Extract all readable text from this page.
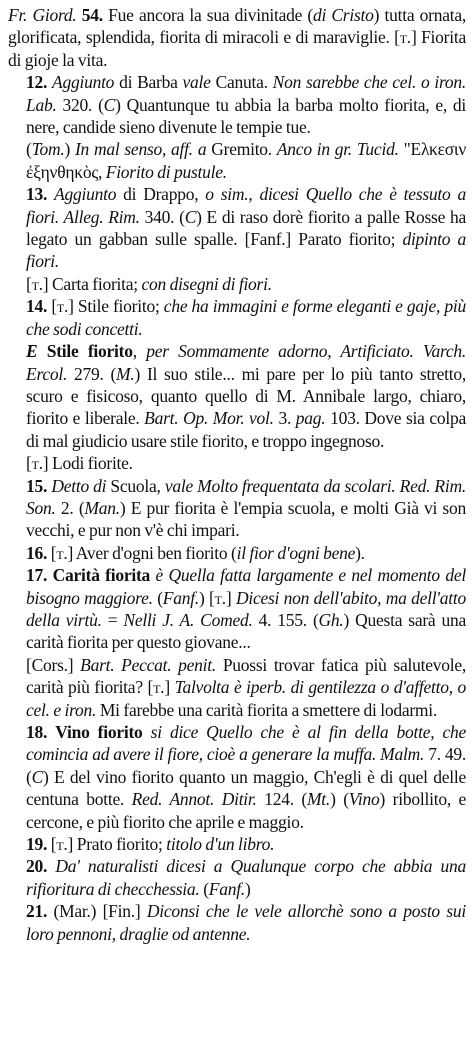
Fr. Giord. 54. Fue ancora la sua divinitade (di Cristo) tutta ornata, glorificata, splendida, fiorita di miracoli e di maraviglie. [t.] Fiorita di gioje la vita.

12. Aggiunto di Barba vale Canuta. Non sarebbe che cel. o iron. Lab. 320. (C) Quantunque tu abbia la barba molto fiorita, e, di nere, candide sieno divenute le tempie tue.

(Tom.) In mal senso, aff. a Gremito. Anco in gr. Tucid. "Ελκεσιν ἐξηνθηκὸς, Fiorito di pustule.

13. Aggiunto di Drappo, o sim., dicesi Quello che è tessuto a fiori. Alleg. Rim. 340. (C) E di raso dorè fiorito a palle Rosse ha legato un gabban sulle spalle. [Fanf.] Parato fiorito; dipinto a fiori.

[t.] Carta fiorita; con disegni di fiori.

14. [t.] Stile fiorito; che ha immagini e forme eleganti e gaje, più che sodi concetti.

E Stile fiorito, per Sommamente adorno, Artificiato. Varch. Ercol. 279. (M.) Il suo stile... mi pare per lo più tanto stretto, scuro e fisicoso, quanto quello di M. Annibale largo, chiaro, fiorito e liberale. Bart. Op. Mor. vol. 3. pag. 103. Dove sia colpa di mal giudicio usare stile fiorito, e troppo ingegnoso.

[t.] Lodi fiorite.

15. Detto di Scuola, vale Molto frequentata da scolari. Red. Rim. Son. 2. (Man.) E pur fiorita è l'empia scuola, e molti Già vi son vecchi, e pur non v'è chi impari.

16. [t.] Aver d'ogni ben fiorito (il fior d'ogni bene).

17. Carità fiorita è Quella fatta largamente e nel momento del bisogno maggiore. (Fanf.) [t.] Dicesi non dell'abito, ma dell'atto della virtù. = Nelli J. A. Comed. 4. 155. (Gh.) Questa sarà una carità fiorita per questo giovane...

[Cors.] Bart. Peccat. penit. Puossi trovar fatica più salutevole, carità più fiorita? [t.] Talvolta è iperb. di gentilezza o d'affetto, o cel. e iron. Mi farebbe una carità fiorita a smettere di lodarmi.

18. Vino fiorito si dice Quello che è al fin della botte, che comincia ad avere il fiore, cioè a generare la muffa. Malm. 7. 49. (C) E del vino fiorito quanto un maggio, Ch'egli è di quel delle centuna botte. Red. Annot. Ditir. 124. (Mt.) (Vino) ribollito, e cercone, e più fiorito che aprile e maggio.

19. [t.] Prato fiorito; titolo d'un libro.

20. Da' naturalisti dicesi a Qualunque corpo che abbia una rifioritura di checchessia. (Fanf.)

21. (Mar.) [Fin.] Diconsi che le vele allorchè sono a posto sui loro pennoni, draglie od antenne.
